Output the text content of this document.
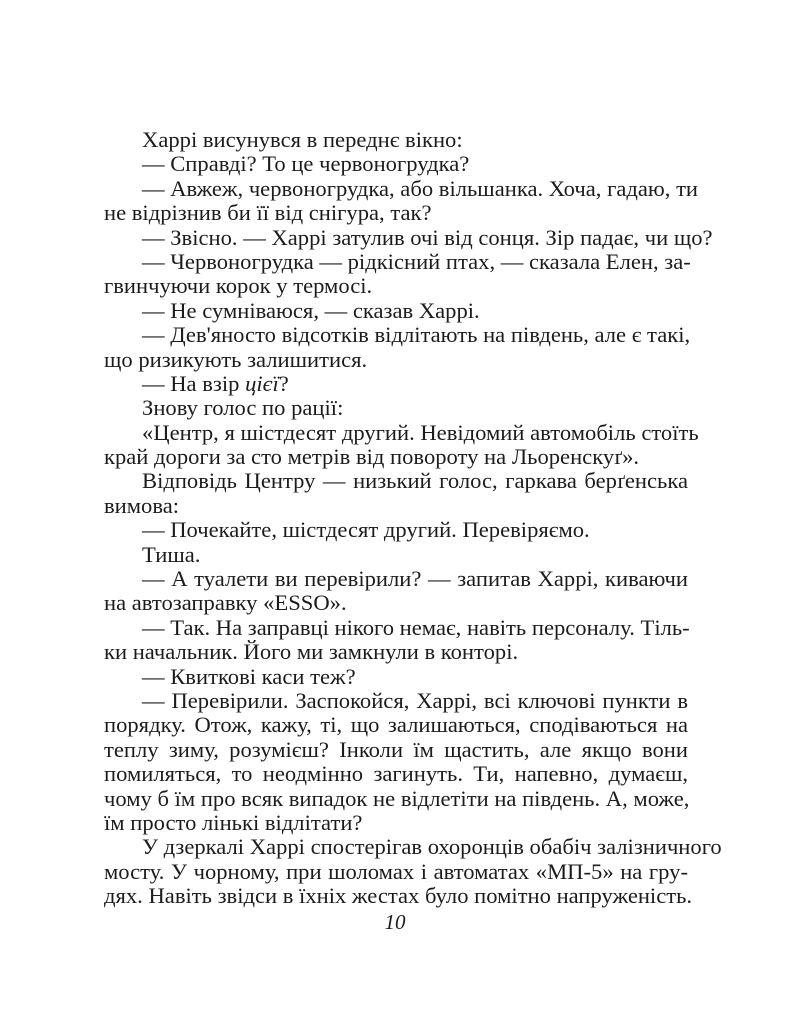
Харрі висунувся в переднє вікно:
— Справді? То це червоногрудка?
— Авжеж, червоногрудка, або вільшанка. Хоча, гадаю, ти
не відрізнив би її від снігура, так?
— Звісно. — Харрі затулив очі від сонця. Зір падає, чи що?
— Червоногрудка — рідкісний птах, — сказала Елен, за-
гвинчуючи корок у термосі.
— Не сумніваюся, — сказав Харрі.
— Дев'яносто відсотків відлітають на південь, але є такі,
що ризикують залишитися.
— На взір цієї?
Знову голос по рації:
«Центр, я шістдесят другий. Невідомий автомобіль стоїть
край дороги за сто метрів від повороту на Льоренскуґ».
Відповідь Центру — низький голос, гаркава берґенська
вимова:
— Почекайте, шістдесят другий. Перевіряємо.
Тиша.
— А туалети ви перевірили? — запитав Харрі, киваючи
на автозаправку «ESSO».
— Так. На заправці нікого немає, навіть персоналу. Тіль-
ки начальник. Його ми замкнули в конторі.
— Квиткові каси теж?
— Перевірили. Заспокойся, Харрі, всі ключові пункти в
порядку. Отож, кажу, ті, що залишаються, сподіваються на
теплу зиму, розумієш? Інколи їм щастить, але якщо вони
помиляться, то неодмінно загинуть. Ти, напевно, думаєш,
чому б їм про всяк випадок не відлетіти на південь. А, може,
їм просто лінькі відлітати?
У дзеркалі Харрі спостерігав охоронців обабіч залізничного
мосту. У чорному, при шоломах і автоматах «МП-5» на гру-
дях. Навіть звідси в їхніх жестах було помітно напруженість.
10
